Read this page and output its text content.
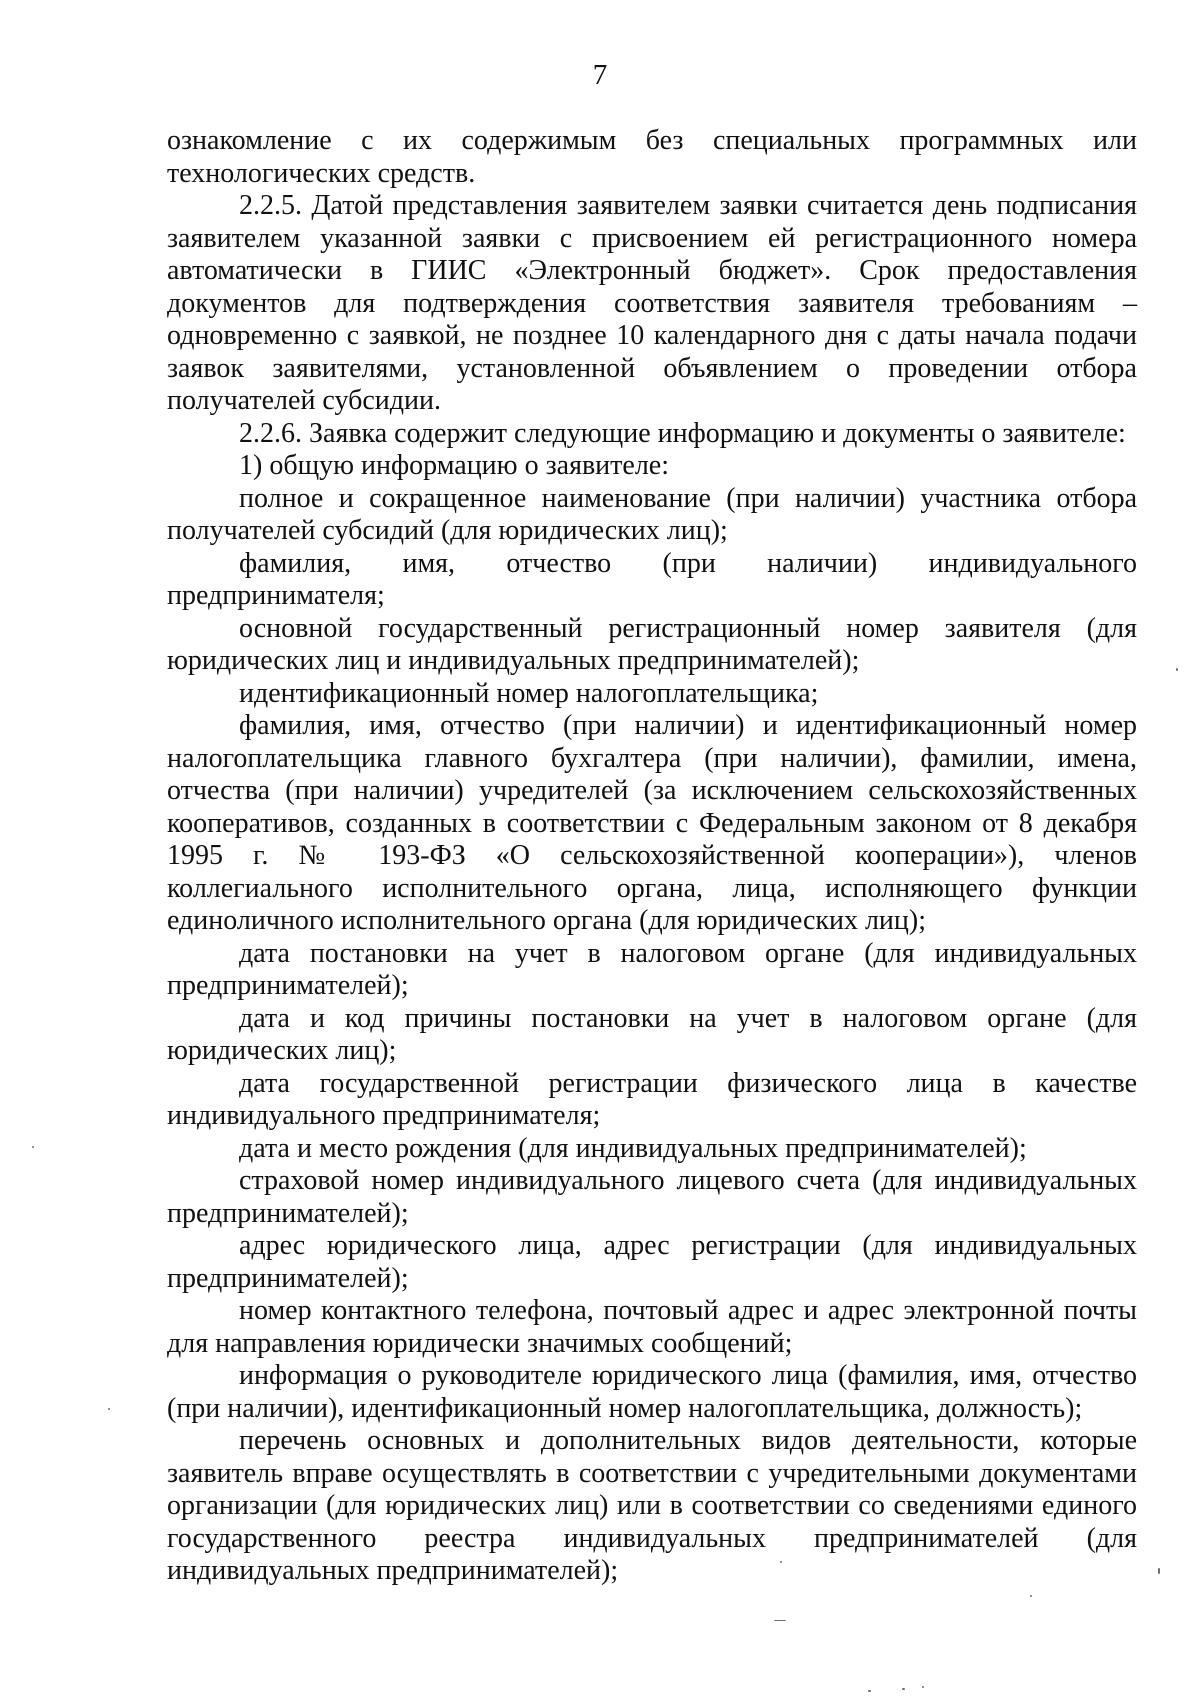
7

ознакомление с их содержимым без специальных программных или технологических средств.

2.2.5. Датой представления заявителем заявки считается день подписания заявителем указанной заявки с присвоением ей регистрационного номера автоматически в ГИИС «Электронный бюджет». Срок предоставления документов для подтверждения соответствия заявителя требованиям – одновременно с заявкой, не позднее 10 календарного дня с даты начала подачи заявок заявителями, установленной объявлением о проведении отбора получателей субсидии.

2.2.6. Заявка содержит следующие информацию и документы о заявителе:

1) общую информацию о заявителе:

полное и сокращенное наименование (при наличии) участника отбора получателей субсидий (для юридических лиц);

фамилия, имя, отчество (при наличии) индивидуального предпринимателя;

основной государственный регистрационный номер заявителя (для юридических лиц и индивидуальных предпринимателей);

идентификационный номер налогоплательщика;

фамилия, имя, отчество (при наличии) и идентификационный номер налогоплательщика главного бухгалтера (при наличии), фамилии, имена, отчества (при наличии) учредителей (за исключением сельскохозяйственных кооперативов, созданных в соответствии с Федеральным законом от 8 декабря 1995 г. № 193-ФЗ «О сельскохозяйственной кооперации»), членов коллегиального исполнительного органа, лица, исполняющего функции единоличного исполнительного органа (для юридических лиц);

дата постановки на учет в налоговом органе (для индивидуальных предпринимателей);

дата и код причины постановки на учет в налоговом органе (для юридических лиц);

дата государственной регистрации физического лица в качестве индивидуального предпринимателя;

дата и место рождения (для индивидуальных предпринимателей);

страховой номер индивидуального лицевого счета (для индивидуальных предпринимателей);

адрес юридического лица, адрес регистрации (для индивидуальных предпринимателей);

номер контактного телефона, почтовый адрес и адрес электронной почты для направления юридически значимых сообщений;

информация о руководителе юридического лица (фамилия, имя, отчество (при наличии), идентификационный номер налогоплательщика, должность);

перечень основных и дополнительных видов деятельности, которые заявитель вправе осуществлять в соответствии с учредительными документами организации (для юридических лиц) или в соответствии со сведениями единого государственного реестра индивидуальных предпринимателей (для индивидуальных предпринимателей);
